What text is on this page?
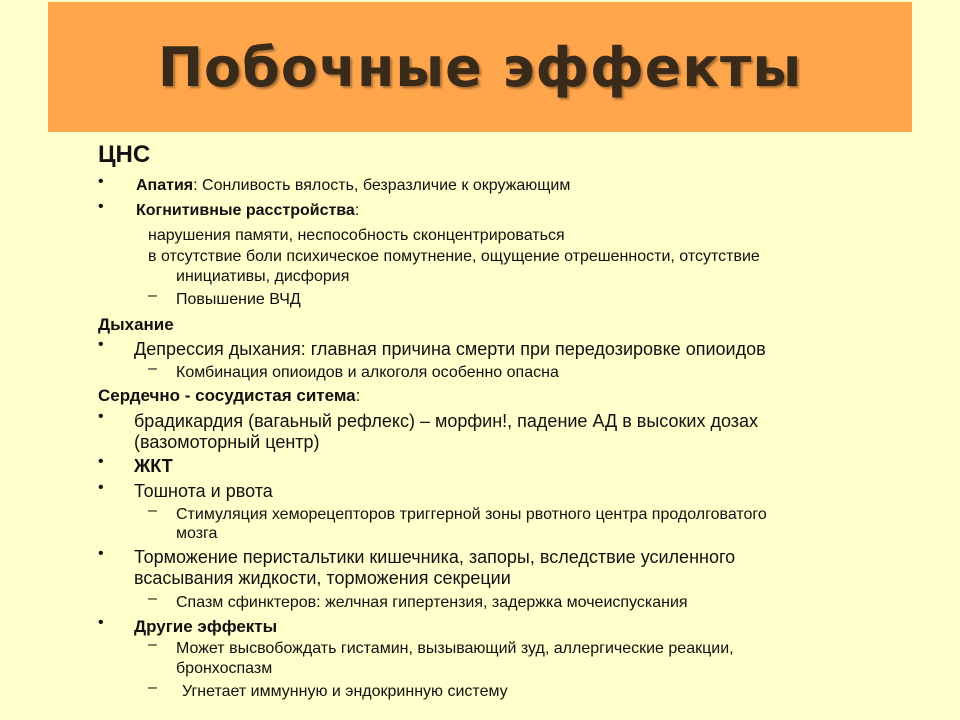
Побочные эффекты
ЦНС
• Апатия: Сонливость вялость, безразличие к окружающим
• Когнитивные расстройства:
нарушения памяти, неспособность сконцентрироваться
в отсутствие боли психическое помутнение, ощущение отрешенности, отсутствие
инициативы, дисфория
– Повышение ВЧД
Дыхание
• Депрессия дыхания: главная причина смерти при передозировке опиоидов
– Комбинация опиоидов и алкоголя особенно опасна
Сердечно - сосудистая ситема:
• брадикардия (вагаьный рефлекс) – морфин!, падение АД в высоких дозах
(вазомоторный центр)
• ЖКТ
• Тошнота и рвота
– Стимуляция хеморецепторов триггерной зоны рвотного центра продолговатого
мозга
• Торможение перистальтики кишечника, запоры, вследствие усиленного
всасывания жидкости, торможения секреции
– Спазм сфинктеров: желчная гипертензия, задержка мочеиспускания
• Другие эффекты
– Может высвобождать гистамин, вызывающий зуд, аллергические реакции,
бронхоспазм
– Угнетает иммунную и эндокринную систему
